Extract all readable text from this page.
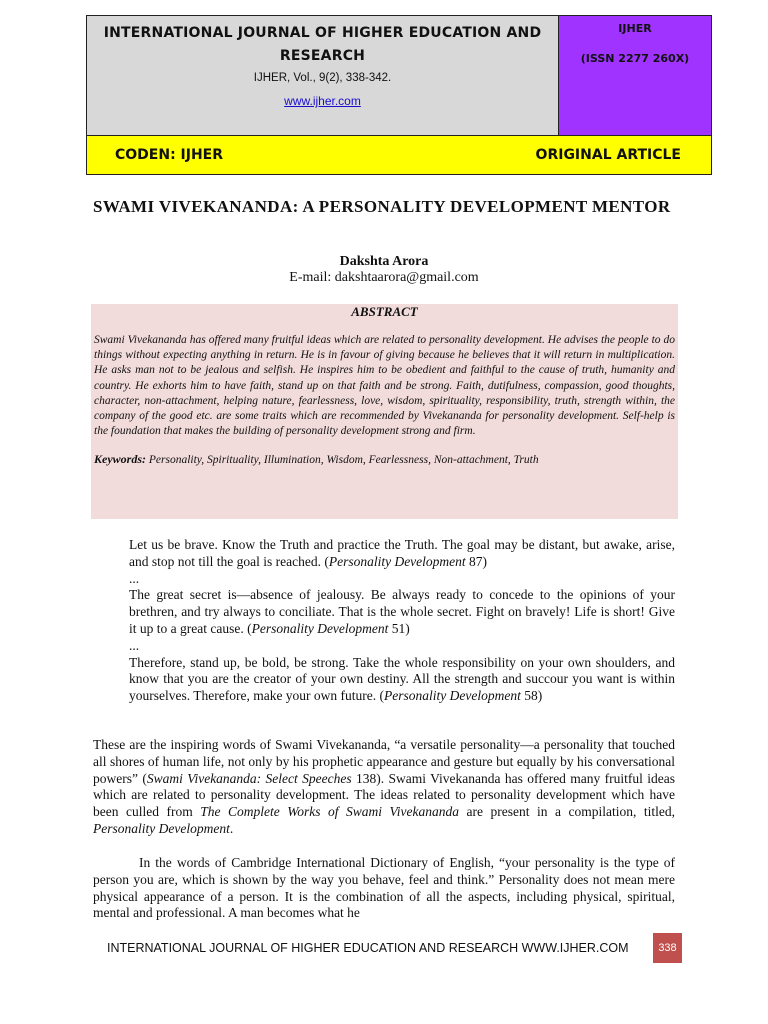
INTERNATIONAL JOURNAL OF HIGHER EDUCATION AND RESEARCH
IJHER, Vol., 9(2), 338-342.
www.ijher.com
IJHER
(ISSN 2277 260X)
CODEN: IJHER	ORIGINAL ARTICLE
SWAMI VIVEKANANDA: A PERSONALITY DEVELOPMENT MENTOR
Dakshta Arora
E-mail: dakshtaarora@gmail.com
ABSTRACT
Swami Vivekananda has offered many fruitful ideas which are related to personality development. He advises the people to do things without expecting anything in return. He is in favour of giving because he believes that it will return in multiplication. He asks man not to be jealous and selfish. He inspires him to be obedient and faithful to the cause of truth, humanity and country. He exhorts him to have faith, stand up on that faith and be strong. Faith, dutifulness, compassion, good thoughts, character, non-attachment, helping nature, fearlessness, love, wisdom, spirituality, responsibility, truth, strength within, the company of the good etc. are some traits which are recommended by Vivekananda for personality development. Self-help is the foundation that makes the building of personality development strong and firm.
Keywords: Personality, Spirituality, Illumination, Wisdom, Fearlessness, Non-attachment, Truth

Let us be brave. Know the Truth and practice the Truth. The goal may be distant, but awake, arise, and stop not till the goal is reached. (Personality Development 87)

...

The great secret is—absence of jealousy. Be always ready to concede to the opinions of your brethren, and try always to conciliate. That is the whole secret. Fight on bravely! Life is short! Give it up to a great cause. (Personality Development 51)

...

Therefore, stand up, be bold, be strong. Take the whole responsibility on your own shoulders, and know that you are the creator of your own destiny. All the strength and succour you want is within yourselves. Therefore, make your own future. (Personality Development 58)

These are the inspiring words of Swami Vivekananda, “a versatile personality—a personality that touched all shores of human life, not only by his prophetic appearance and gesture but equally by his conversational powers” (Swami Vivekananda: Select Speeches 138). Swami Vivekananda has offered many fruitful ideas which are related to personality development. The ideas related to personality development which have been culled from The Complete Works of Swami Vivekananda are present in a compilation, titled, Personality Development.

In the words of Cambridge International Dictionary of English, “your personality is the type of person you are, which is shown by the way you behave, feel and think.” Personality does not mean mere physical appearance of a person. It is the combination of all the aspects, including physical, spiritual, mental and professional. A man becomes what he

INTERNATIONAL JOURNAL OF HIGHER EDUCATION AND RESEARCH WWW.IJHER.COM	338
